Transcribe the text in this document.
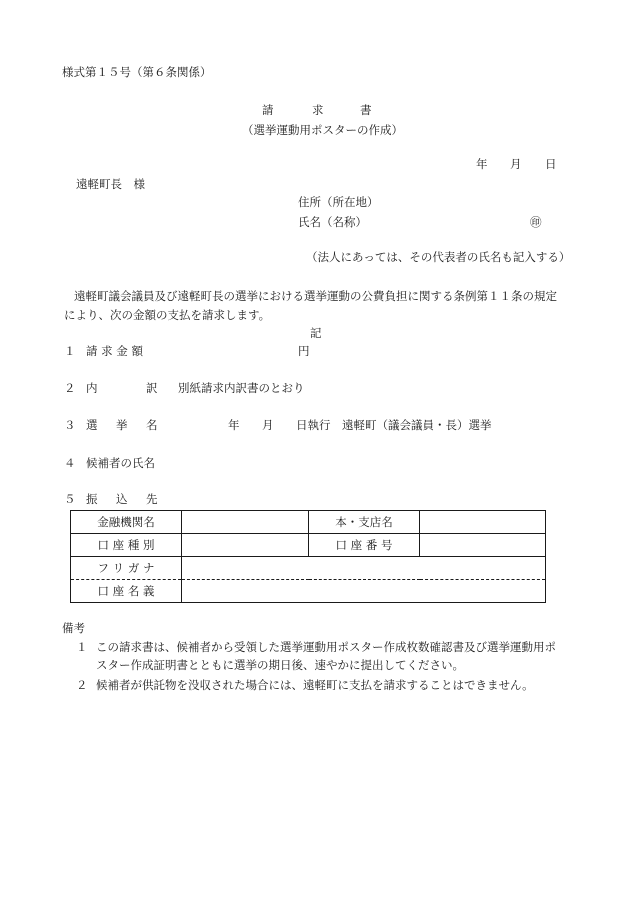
様式第１５号（第６条関係）
請	求	書
（選挙運動用ポスターの作成）
年 月 日
遠軽町長　様
住所（所在地）
氏名（名称）	㊞
（法人にあっては、その代表者の氏名も記入する）
遠軽町議会議員及び遠軽町長の選挙における選挙運動の公費負担に関する条例第１１条の規定
により、次の金額の支払を請求します。
記
１ 請 求 金 額	円
２ 内	訳 別紙請求内訳書のとおり
３ 選 挙 名	年 月 日執行　遠軽町（議会議員・長）選挙
４ 候補者の氏名
５ 振 込 先
金融機関名		本・支店名	
口 座 種 別		口 座 番 号	
フ リ ガ ナ			
口 座 名 義			
備考
１ この請求書は、候補者から受領した選挙運動用ポスター作成枚数確認書及び選挙運動用ポ
スター作成証明書とともに選挙の期日後、速やかに提出してください。
２ 候補者が供託物を没収された場合には、遠軽町に支払を請求することはできません。
